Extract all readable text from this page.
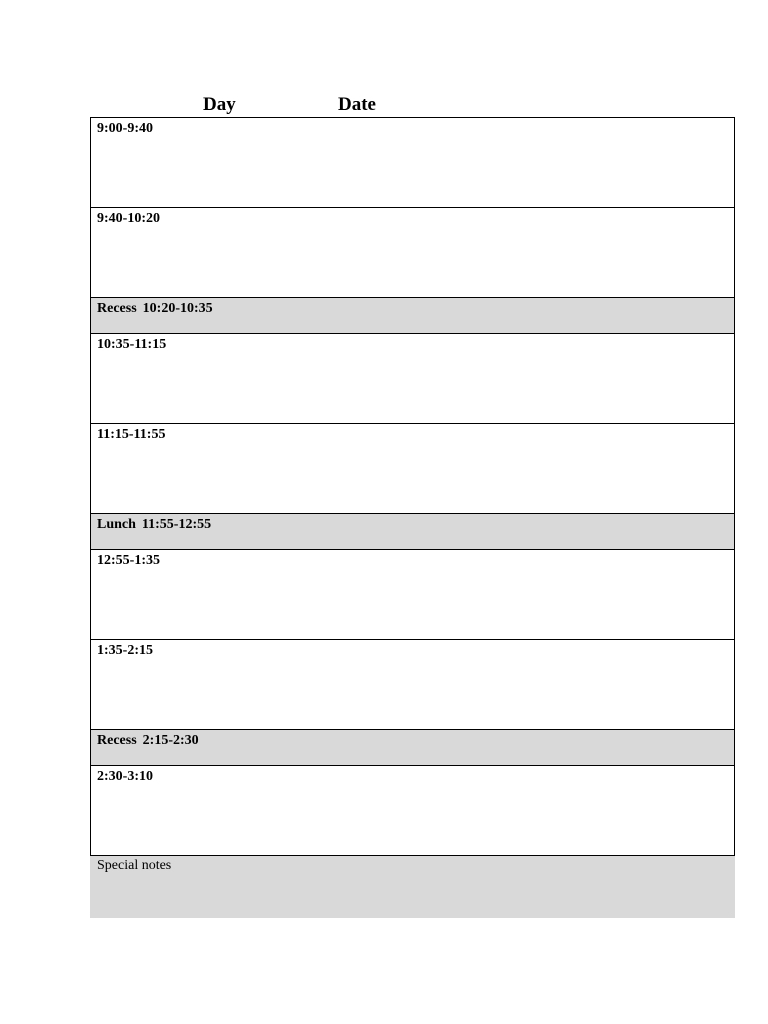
Day	Date
9:00-9:40
9:40-10:20
Recess 10:20-10:35
10:35-11:15
11:15-11:55
Lunch 11:55-12:55
12:55-1:35
1:35-2:15
Recess 2:15-2:30
2:30-3:10
Special notes
